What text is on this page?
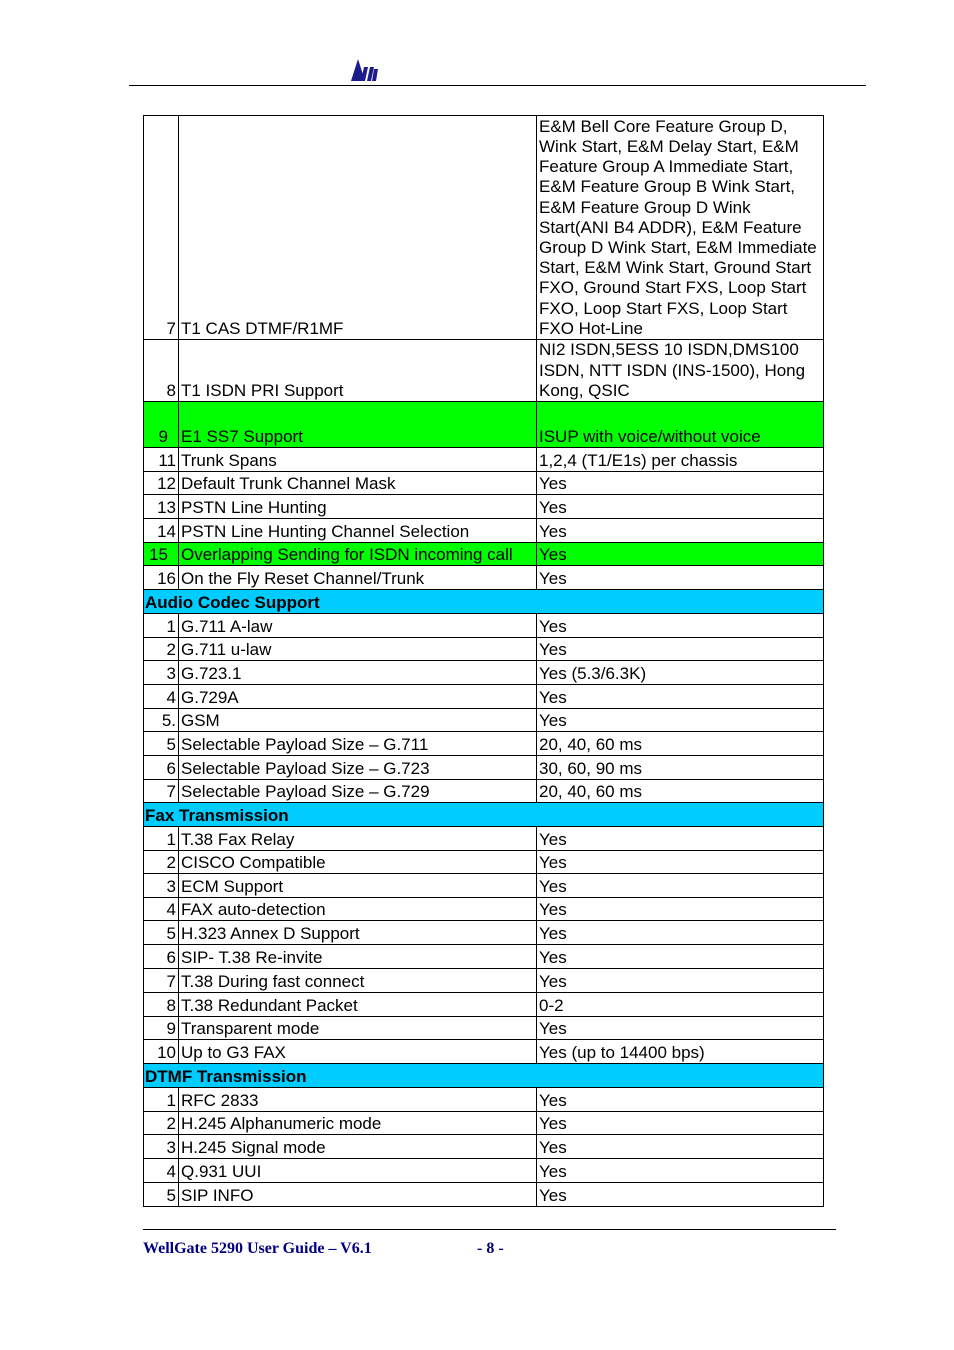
7	T1 CAS DTMF/R1MF	E&M Bell Core Feature Group D, Wink Start, E&M Delay Start, E&M Feature Group A Immediate Start, E&M Feature Group B Wink Start, E&M Feature Group D Wink Start(ANI B4 ADDR), E&M Feature Group D Wink Start, E&M Immediate Start, E&M Wink Start, Ground Start FXO, Ground Start FXS, Loop Start FXO, Loop Start FXS, Loop Start FXO Hot-Line
8	T1 ISDN PRI Support	NI2 ISDN,5ESS 10 ISDN,DMS100 ISDN, NTT ISDN (INS-1500), Hong Kong, QSIC
9	E1 SS7 Support	ISUP with voice/without voice
11	Trunk Spans	1,2,4 (T1/E1s) per chassis
12	Default Trunk Channel Mask	Yes
13	PSTN Line Hunting	Yes
14	PSTN Line Hunting Channel Selection	Yes
15	Overlapping Sending for ISDN incoming call	Yes
16	On the Fly Reset Channel/Trunk	Yes
Audio Codec Support		
1	G.711 A-law	Yes
2	G.711 u-law	Yes
3	G.723.1	Yes (5.3/6.3K)
4	G.729A	Yes
5.	GSM	Yes
5	Selectable Payload Size – G.711	20, 40, 60 ms
6	Selectable Payload Size – G.723	30, 60, 90 ms
7	Selectable Payload Size – G.729	20, 40, 60 ms
Fax Transmission		
1	T.38 Fax Relay	Yes
2	CISCO Compatible	Yes
3	ECM Support	Yes
4	FAX auto-detection	Yes
5	H.323 Annex D Support	Yes
6	SIP- T.38 Re-invite	Yes
7	T.38 During fast connect	Yes
8	T.38 Redundant Packet	0-2
9	Transparent mode	Yes
10	Up to G3 FAX	Yes (up to 14400 bps)
DTMF Transmission		
1	RFC 2833	Yes
2	H.245 Alphanumeric mode	Yes
3	H.245 Signal mode	Yes
4	Q.931 UUI	Yes
5	SIP INFO	Yes
WellGate 5290 User Guide – V6.1	- 8 -
